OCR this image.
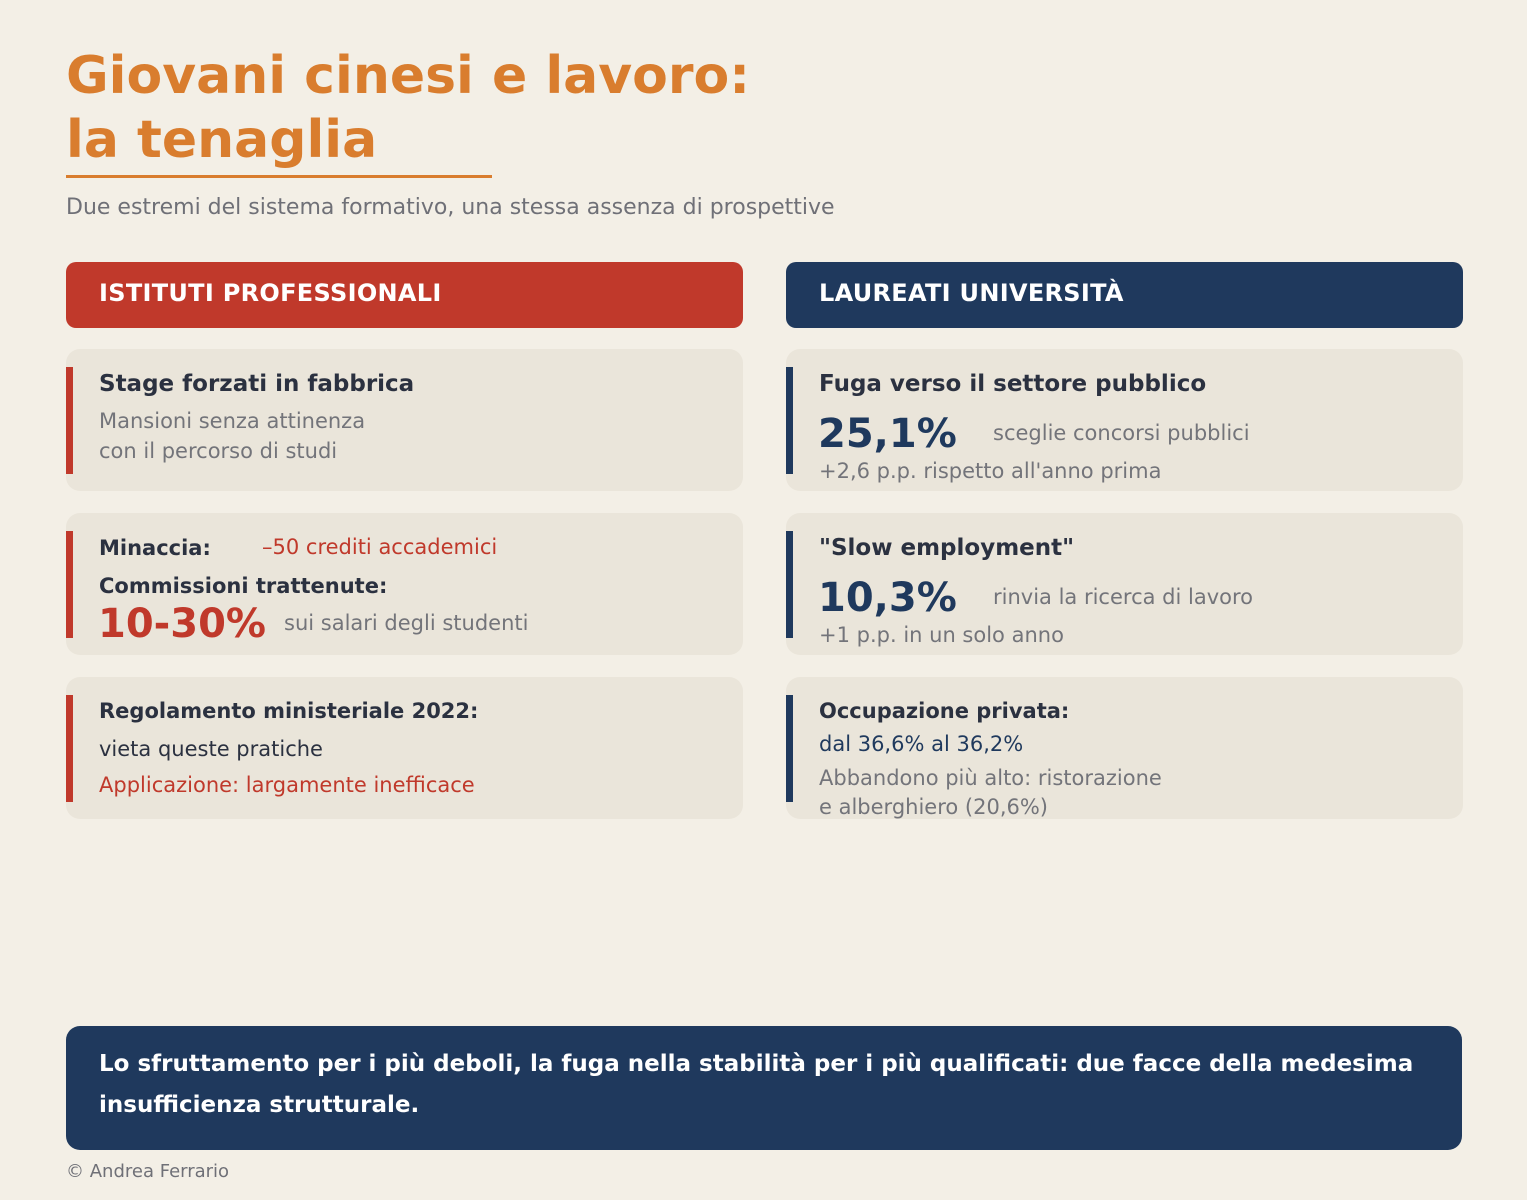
Giovani cinesi e lavoro:
la tenaglia
Due estremi del sistema formativo, una stessa assenza di prospettive
ISTITUTI PROFESSIONALI	LAUREATI UNIVERSITÀ
Stage forzati in fabbrica
Mansioni senza attinenza
con il percorso di studi
Minaccia: –50 crediti accademici
Commissioni trattenute:
10-30% sui salari degli studenti
Regolamento ministeriale 2022:
vieta queste pratiche
Applicazione: largamente inefficace
Fuga verso il settore pubblico
25,1% sceglie concorsi pubblici
+2,6 p.p. rispetto all'anno prima
"Slow employment"
10,3% rinvia la ricerca di lavoro
+1 p.p. in un solo anno
Occupazione privata:
dal 36,6% al 36,2%
Abbandono più alto: ristorazione
e alberghiero (20,6%)
Lo sfruttamento per i più deboli, la fuga nella stabilità per i più qualificati: due facce della medesima insufficienza strutturale.
© Andrea Ferrario
